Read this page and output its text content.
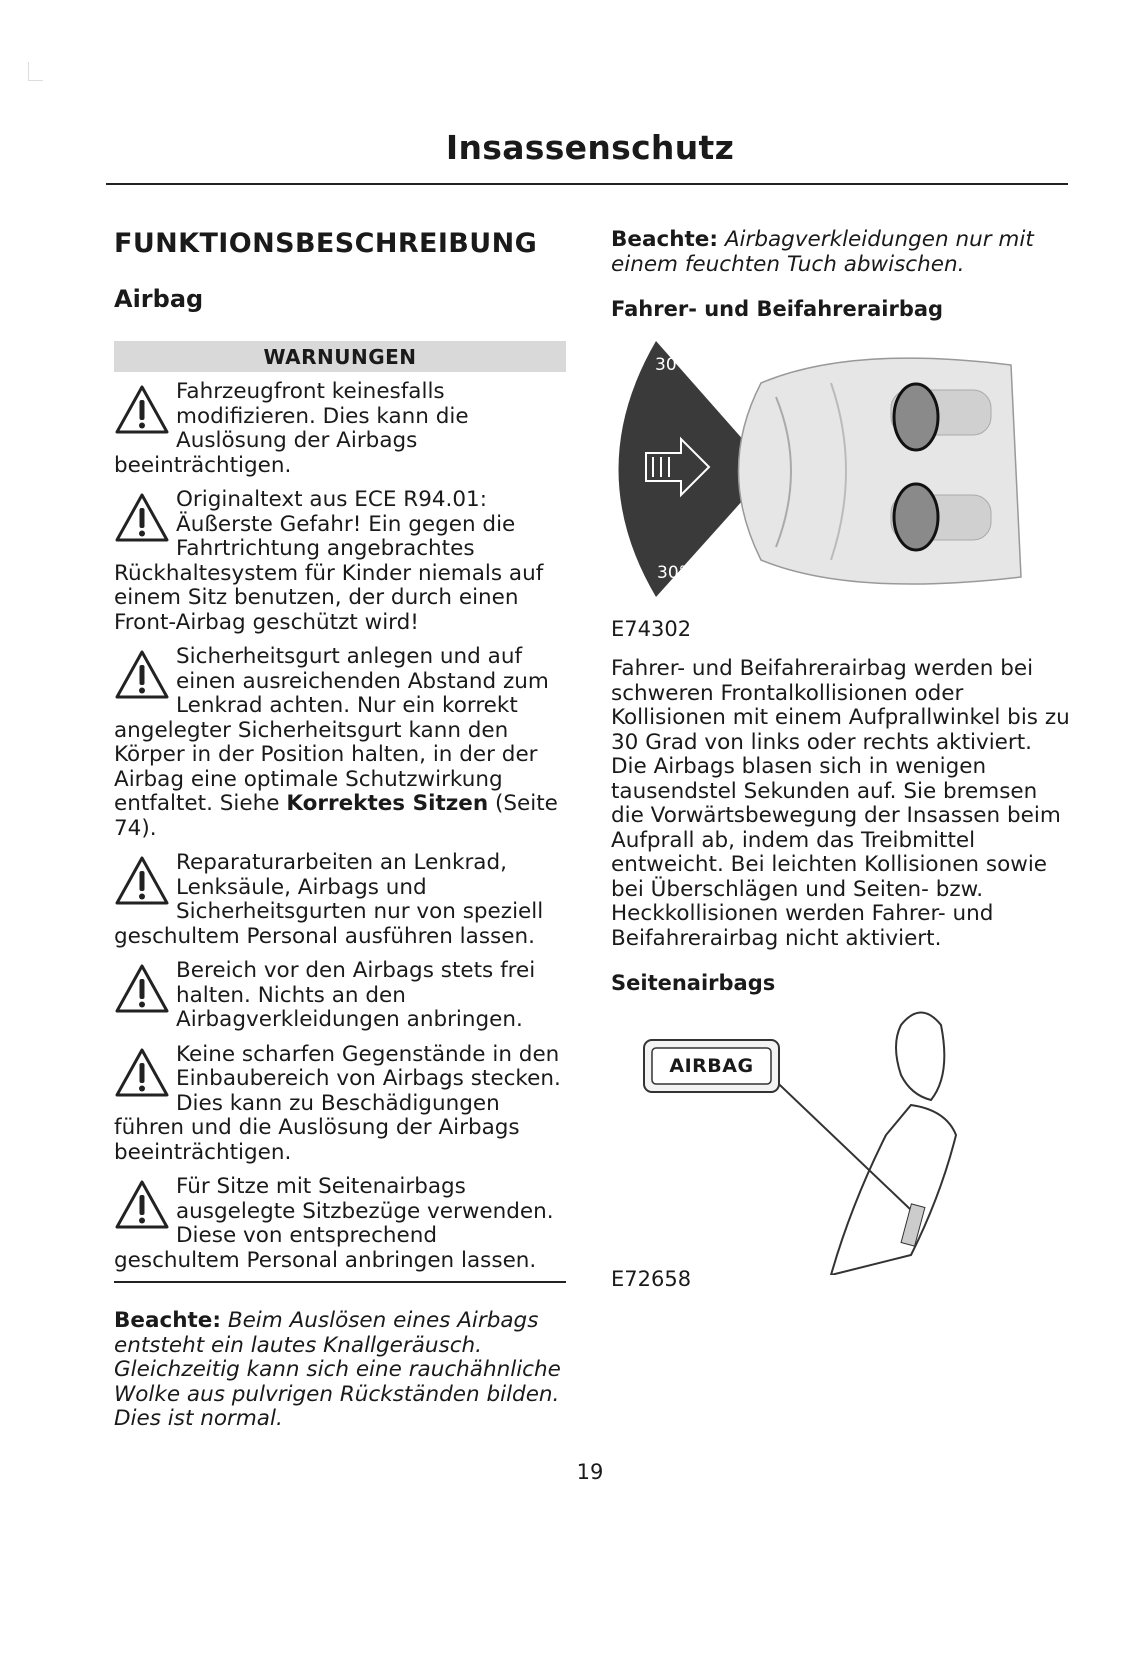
Insassenschutz
FUNKTIONSBESCHREIBUNG
Airbag
WARNUNGEN
Fahrzeugfront keinesfalls modifizieren. Dies kann die Auslösung der Airbags beeinträchtigen.
Originaltext aus ECE R94.01: Äußerste Gefahr! Ein gegen die Fahrtrichtung angebrachtes Rückhaltesystem für Kinder niemals auf einem Sitz benutzen, der durch einen Front-Airbag geschützt wird!
Sicherheitsgurt anlegen und auf einen ausreichenden Abstand zum Lenkrad achten. Nur ein korrekt angelegter Sicherheitsgurt kann den Körper in der Position halten, in der der Airbag eine optimale Schutzwirkung entfaltet. Siehe Korrektes Sitzen (Seite 74).
Reparaturarbeiten an Lenkrad, Lenksäule, Airbags und Sicherheitsgurten nur von speziell geschultem Personal ausführen lassen.
Bereich vor den Airbags stets frei halten. Nichts an den Airbagverkleidungen anbringen.
Keine scharfen Gegenstände in den Einbaubereich von Airbags stecken. Dies kann zu Beschädigungen führen und die Auslösung der Airbags beeinträchtigen.
Für Sitze mit Seitenairbags ausgelegte Sitzbezüge verwenden. Diese von entsprechend geschultem Personal anbringen lassen.
Beachte: Beim Auslösen eines Airbags entsteht ein lautes Knallgeräusch. Gleichzeitig kann sich eine rauchähnliche Wolke aus pulvrigen Rückständen bilden. Dies ist normal.
Beachte: Airbagverkleidungen nur mit einem feuchten Tuch abwischen.
Fahrer- und Beifahrerairbag
30°
30°
E74302
Fahrer- und Beifahrerairbag werden bei schweren Frontalkollisionen oder Kollisionen mit einem Aufprallwinkel bis zu 30 Grad von links oder rechts aktiviert. Die Airbags blasen sich in wenigen tausendstel Sekunden auf. Sie bremsen die Vorwärtsbewegung der Insassen beim Aufprall ab, indem das Treibmittel entweicht. Bei leichten Kollisionen sowie bei Überschlägen und Seiten- bzw. Heckkollisionen werden Fahrer- und Beifahrerairbag nicht aktiviert.
Seitenairbags
AIRBAG
E72658
19
